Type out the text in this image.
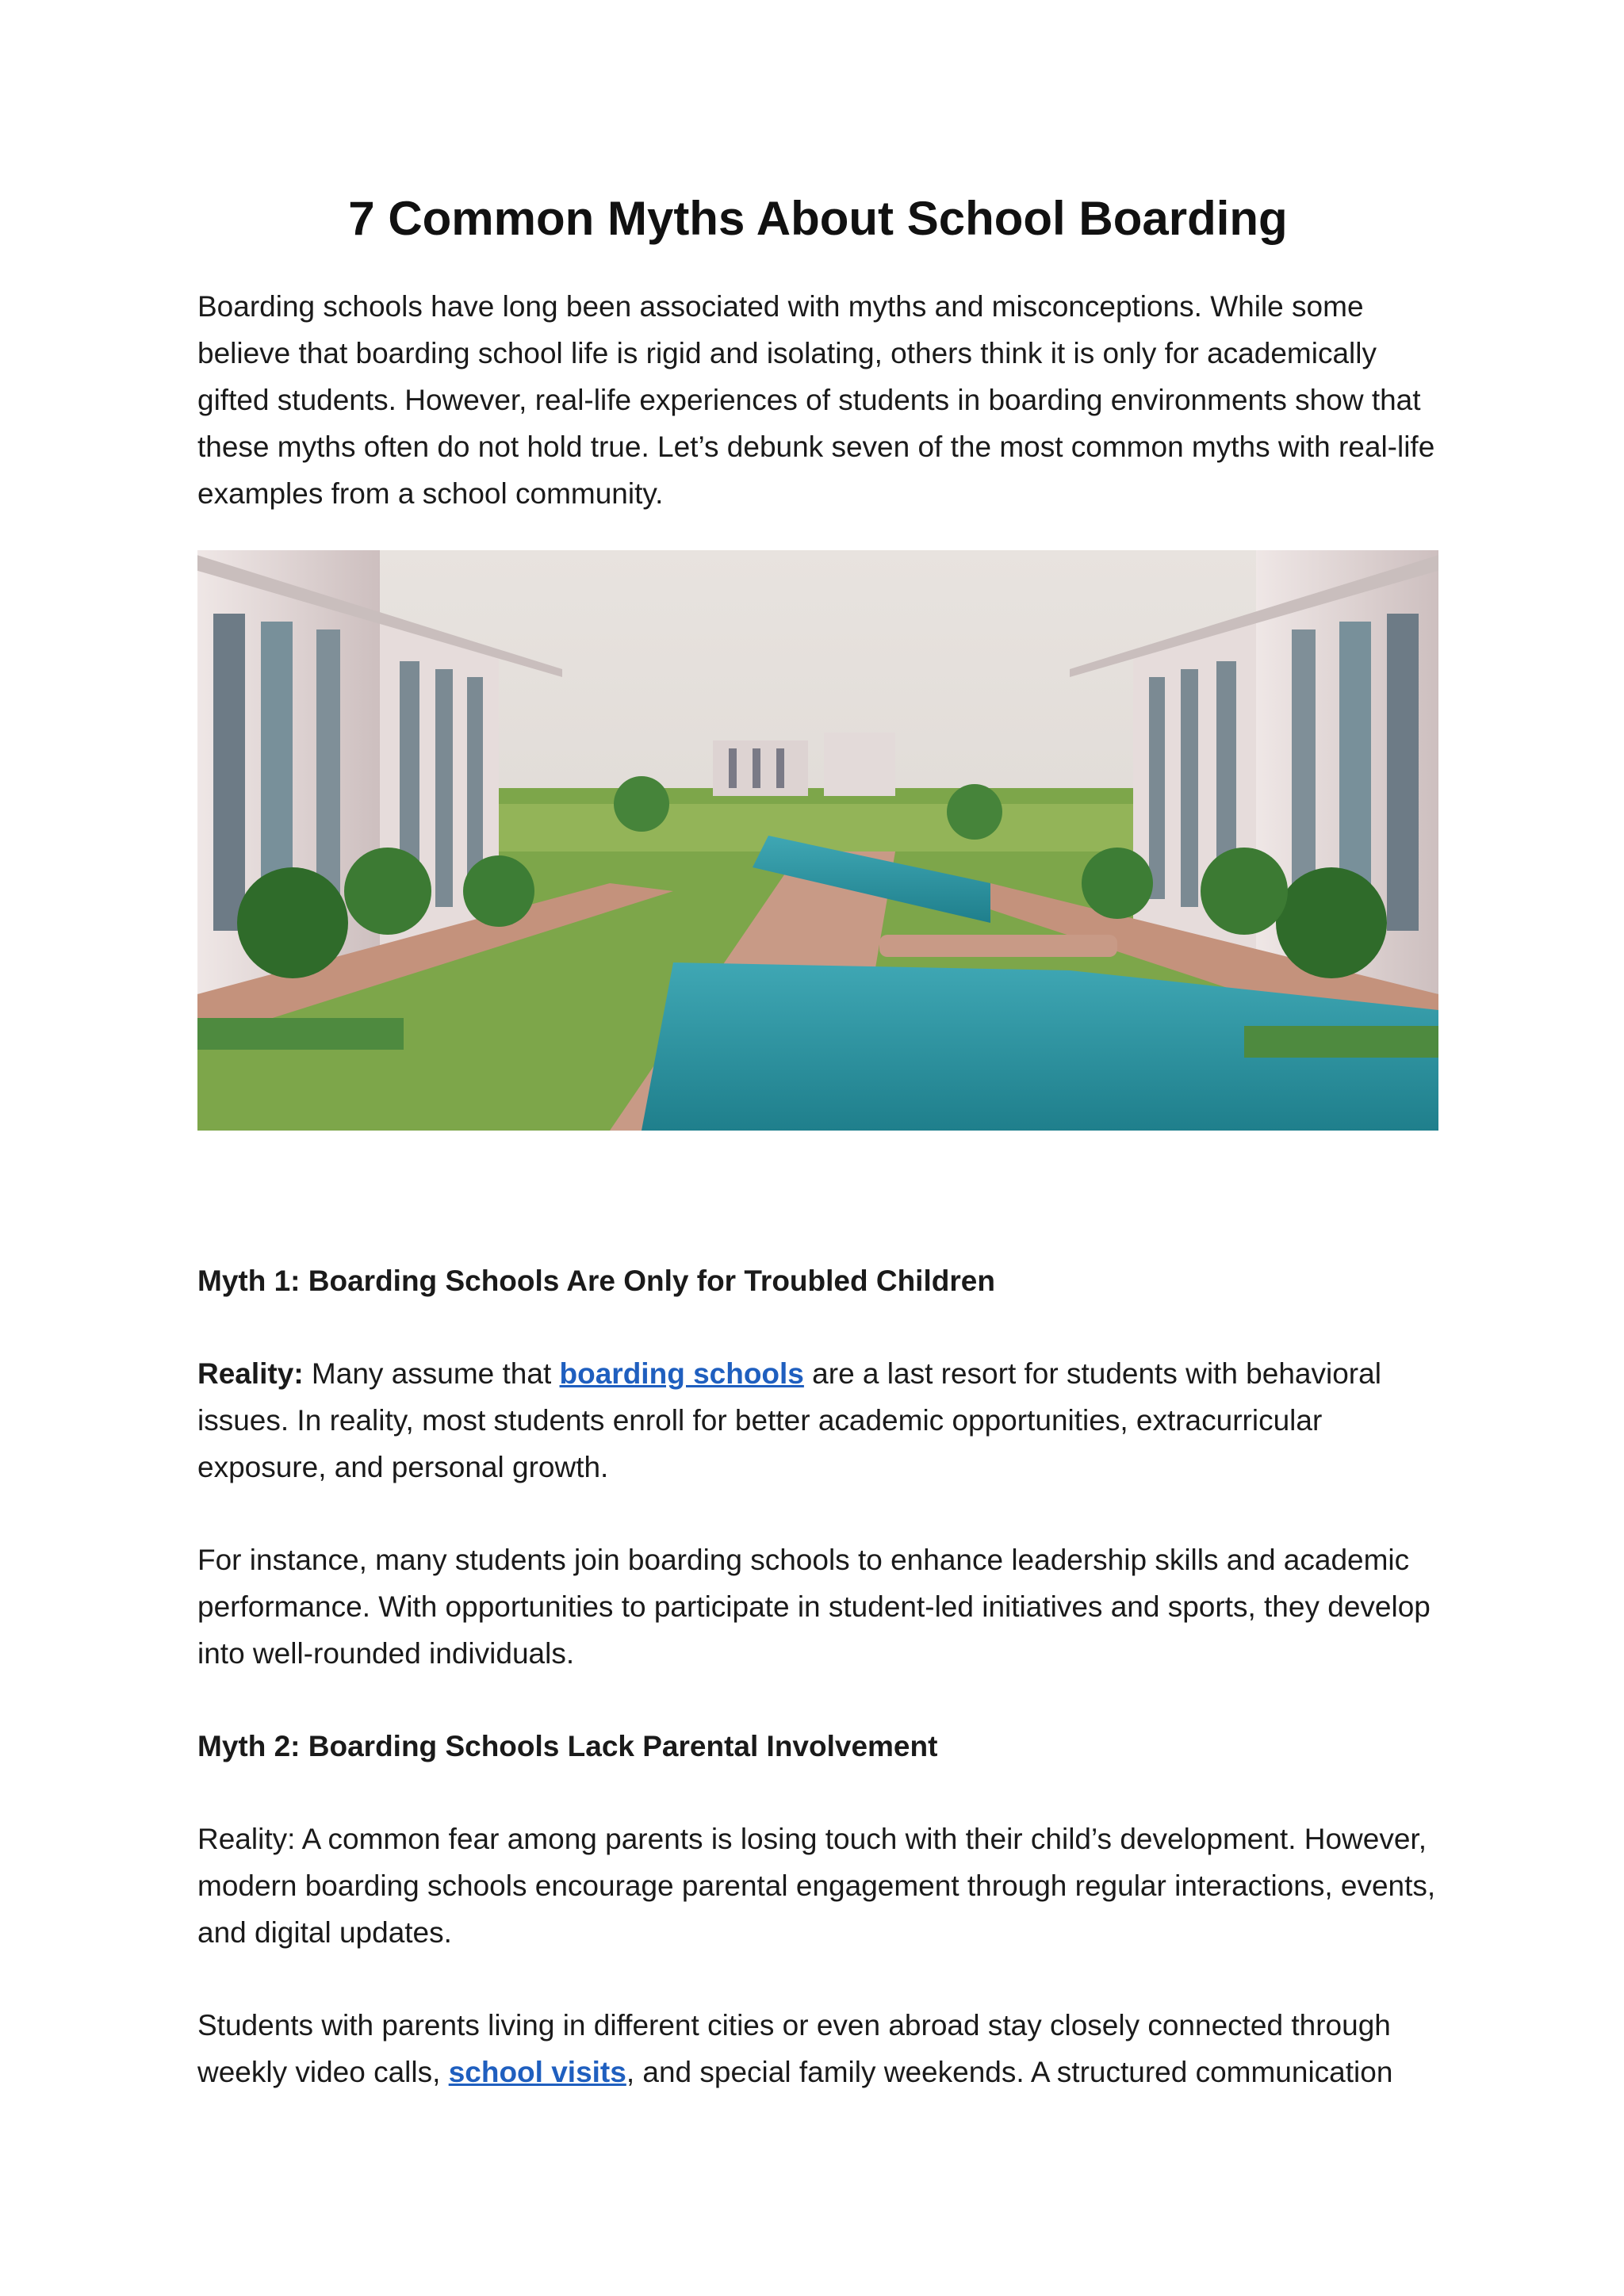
7 Common Myths About School Boarding

Boarding schools have long been associated with myths and misconceptions. While some believe that boarding school life is rigid and isolating, others think it is only for academically gifted students. However, real-life experiences of students in boarding environments show that these myths often do not hold true. Let’s debunk seven of the most common myths with real-life examples from a school community.

Myth 1: Boarding Schools Are Only for Troubled Children

Reality: Many assume that boarding schools are a last resort for students with behavioral issues. In reality, most students enroll for better academic opportunities, extracurricular exposure, and personal growth.

For instance, many students join boarding schools to enhance leadership skills and academic performance. With opportunities to participate in student-led initiatives and sports, they develop into well-rounded individuals.

Myth 2: Boarding Schools Lack Parental Involvement

Reality: A common fear among parents is losing touch with their child’s development. However, modern boarding schools encourage parental engagement through regular interactions, events, and digital updates.

Students with parents living in different cities or even abroad stay closely connected through weekly video calls, school visits, and special family weekends. A structured communication
